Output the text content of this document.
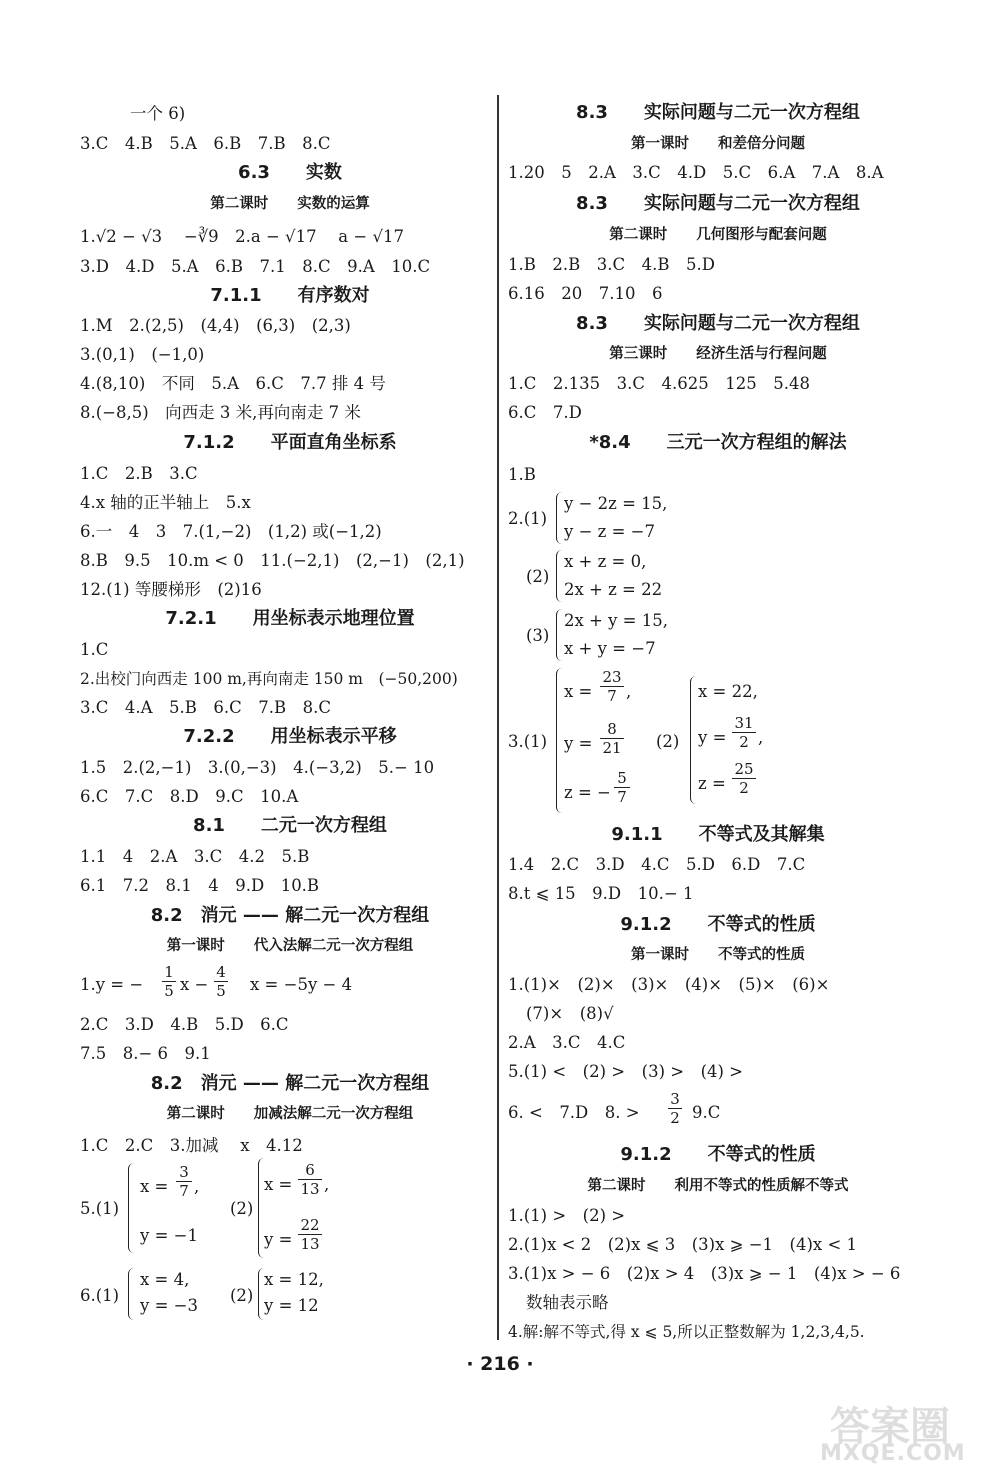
一个 6)
3.C　4.B　5.A　6.B　7.B　8.C
6.3　　实数
第二课时　　实数的运算
1.√2 − √3　 −∛9　2.a − √17　 a − √17
3.D　4.D　5.A　6.B　7.1　8.C　9.A　10.C
7.1.1　　有序数对
1.M　2.(2,5)　(4,4)　(6,3)　(2,3)
3.(0,1)　(−1,0)
4.(8,10)　不同　5.A　6.C　7.7 排 4 号
8.(−8,5)　向西走 3 米,再向南走 7 米
7.1.2　　平面直角坐标系
1.C　2.B　3.C
4.x 轴的正半轴上　5.x
6.一　4　3　7.(1,−2)　(1,2) 或(−1,2)
8.B　9.5　10.m < 0　11.(−2,1)　(2,−1)　(2,1)
12.(1) 等腰梯形　(2)16
7.2.1　　用坐标表示地理位置
1.C
2.出校门向西走 100 m,再向南走 150 m　(−50,200)
3.C　4.A　5.B　6.C　7.B　8.C
7.2.2　　用坐标表示平移
1.5　2.(2,−1)　3.(0,−3)　4.(−3,2)　5.− 10
6.C　7.C　8.D　9.C　10.A
8.1　　二元一次方程组
1.1　4　2.A　3.C　4.2　5.B
6.1　7.2　8.1　4　9.D　10.B
8.2　消元 —— 解二元一次方程组
第一课时　　代入法解二元一次方程组
1.y = − $\frac{1}{5}$ $x - \frac{4}{5}$ x = −5y − 4
2.C　3.D　4.B　5.D　6.C
7.5　8.− 6　9.1
8.2　消元 —— 解二元一次方程组
第二课时　　加减法解二元一次方程组
1.C　2.C　3.加减　 x　4.12
5.(1)
$x = \frac{3}{7}$ ,
y = −1
(2)
$x = \frac{6}{13}$ ,
$y = \frac{22}{13}$
6.(1)
x = 4,
y = −3
(2)
x = 12,
y = 12
8.3　　实际问题与二元一次方程组
第一课时　　和差倍分问题
1.20　5　2.A　3.C　4.D　5.C　6.A　7.A　8.A
8.3　　实际问题与二元一次方程组
第二课时　　几何图形与配套问题
1.B　2.B　3.C　4.B　5.D
6.16　20　7.10　6
8.3　　实际问题与二元一次方程组
第三课时　　经济生活与行程问题
1.C　2.135　3.C　4.625　125　5.48
6.C　7.D
*8.4　　三元一次方程组的解法
1.B
2.(1)
y − 2z = 15,
y − z = −7
(2)
x + z = 0,
2x + z = 22
(3)
2x + y = 15,
x + y = −7
3.(1)
$x = \frac{23}{7}$ ,
$y = \frac{8}{21}$
z = − $\frac{5}{7}$
(2)
x = 22,
$y = \frac{31}{2}$ ,
$z = \frac{25}{2}$
9.1.1　　不等式及其解集
1.4　2.C　3.D　4.C　5.D　6.D　7.C
8.t ⩽ 15　9.D　10.− 1
9.1.2　　不等式的性质
第一课时　　不等式的性质
1.(1)×　(2)×　(3)×　(4)×　(5)×　(6)×
(7)×　(8)√
2.A　3.C　4.C
5.(1) <　(2) >　(3) >　(4) >
6. <　7.D　8. > $\frac{3}{2} 9.C$
9.1.2　　不等式的性质
第二课时　　利用不等式的性质解不等式
1.(1) >　(2) >
2.(1)x < 2　(2)x ⩽ 3　(3)x ⩾ −1　(4)x < 1
3.(1)x > − 6　(2)x > 4　(3)x ⩾ − 1　(4)x > − 6
数轴表示略
4.解:解不等式,得 x ⩽ 5,所以正整数解为 1,2,3,4,5.
· 216 ·
答案圈
MXQE.COM
